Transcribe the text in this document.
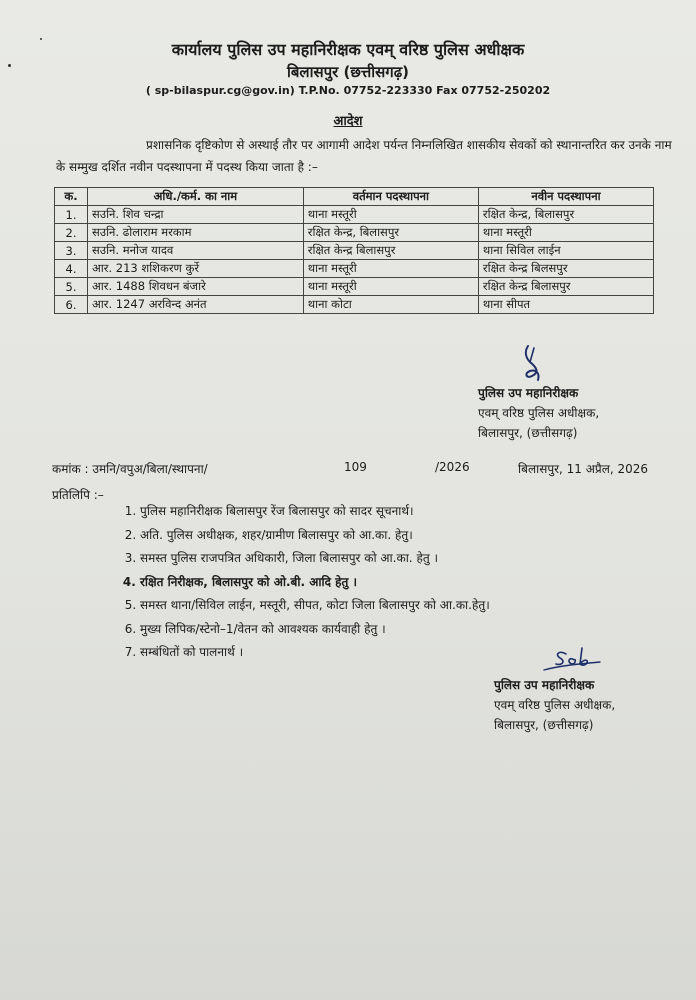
कार्यालय पुलिस उप महानिरीक्षक एवम् वरिष्ठ पुलिस अधीक्षक
बिलासपुर (छत्तीसगढ़)
( sp-bilaspur.cg@gov.in) T.P.No. 07752-223330 Fax 07752-250202
आदेश
प्रशासनिक दृष्टिकोण से अस्थाई तौर पर आगामी आदेश पर्यन्त निम्नलिखित शासकीय सेवकों को स्थानान्तरित कर उनके नाम के सम्मुख दर्शित नवीन पदस्थापना में पदस्थ किया जाता है :–
क.	अधि./कर्म. का नाम	वर्तमान पदस्थापना	नवीन पदस्थापना
1.	सउनि. शिव चन्द्रा	थाना मस्तूरी	रक्षित केन्द्र, बिलासपुर
2.	सउनि. ढोलाराम मरकाम	रक्षित केन्द्र, बिलासपुर	थाना मस्तूरी
3.	सउनि. मनोज यादव	रक्षित केन्द्र बिलासपुर	थाना सिविल लाईन
4.	आर. 213 शशिकरण कुर्रे	थाना मस्तूरी	रक्षित केन्द्र बिलसपुर
5.	आर. 1488 शिवधन बंजारे	थाना मस्तूरी	रक्षित केन्द्र बिलासपुर
6.	आर. 1247 अरविन्द अनंत	थाना कोटा	थाना सीपत
पुलिस उप महानिरीक्षक
एवम् वरिष्ठ पुलिस अधीक्षक,
बिलासपुर, (छत्तीसगढ़)
कमांक : उमनि/वपुअ/बिला/स्थापना/	109	/2026	बिलासपुर, 11 अप्रैल, 2026
प्रतिलिपि :–
1. पुलिस महानिरीक्षक बिलासपुर रेंज बिलासपुर को सादर सूचनार्थ।
2. अति. पुलिस अधीक्षक, शहर/ग्रामीण बिलासपुर को आ.का. हेतु।
3. समस्त पुलिस राजपत्रित अधिकारी, जिला बिलासपुर को आ.का. हेतु ।
4. रक्षित निरीक्षक, बिलासपुर को ओ.बी. आदि हेतु ।
5. समस्त थाना/सिविल लाईन, मस्तूरी, सीपत, कोटा जिला बिलासपुर को आ.का.हेतु।
6. मुख्य लिपिक/स्टेनो–1/वेतन को आवश्यक कार्यवाही हेतु ।
7. सम्बंधितों को पालनार्थ ।
पुलिस उप महानिरीक्षक
एवम् वरिष्ठ पुलिस अधीक्षक,
बिलासपुर, (छत्तीसगढ़)
